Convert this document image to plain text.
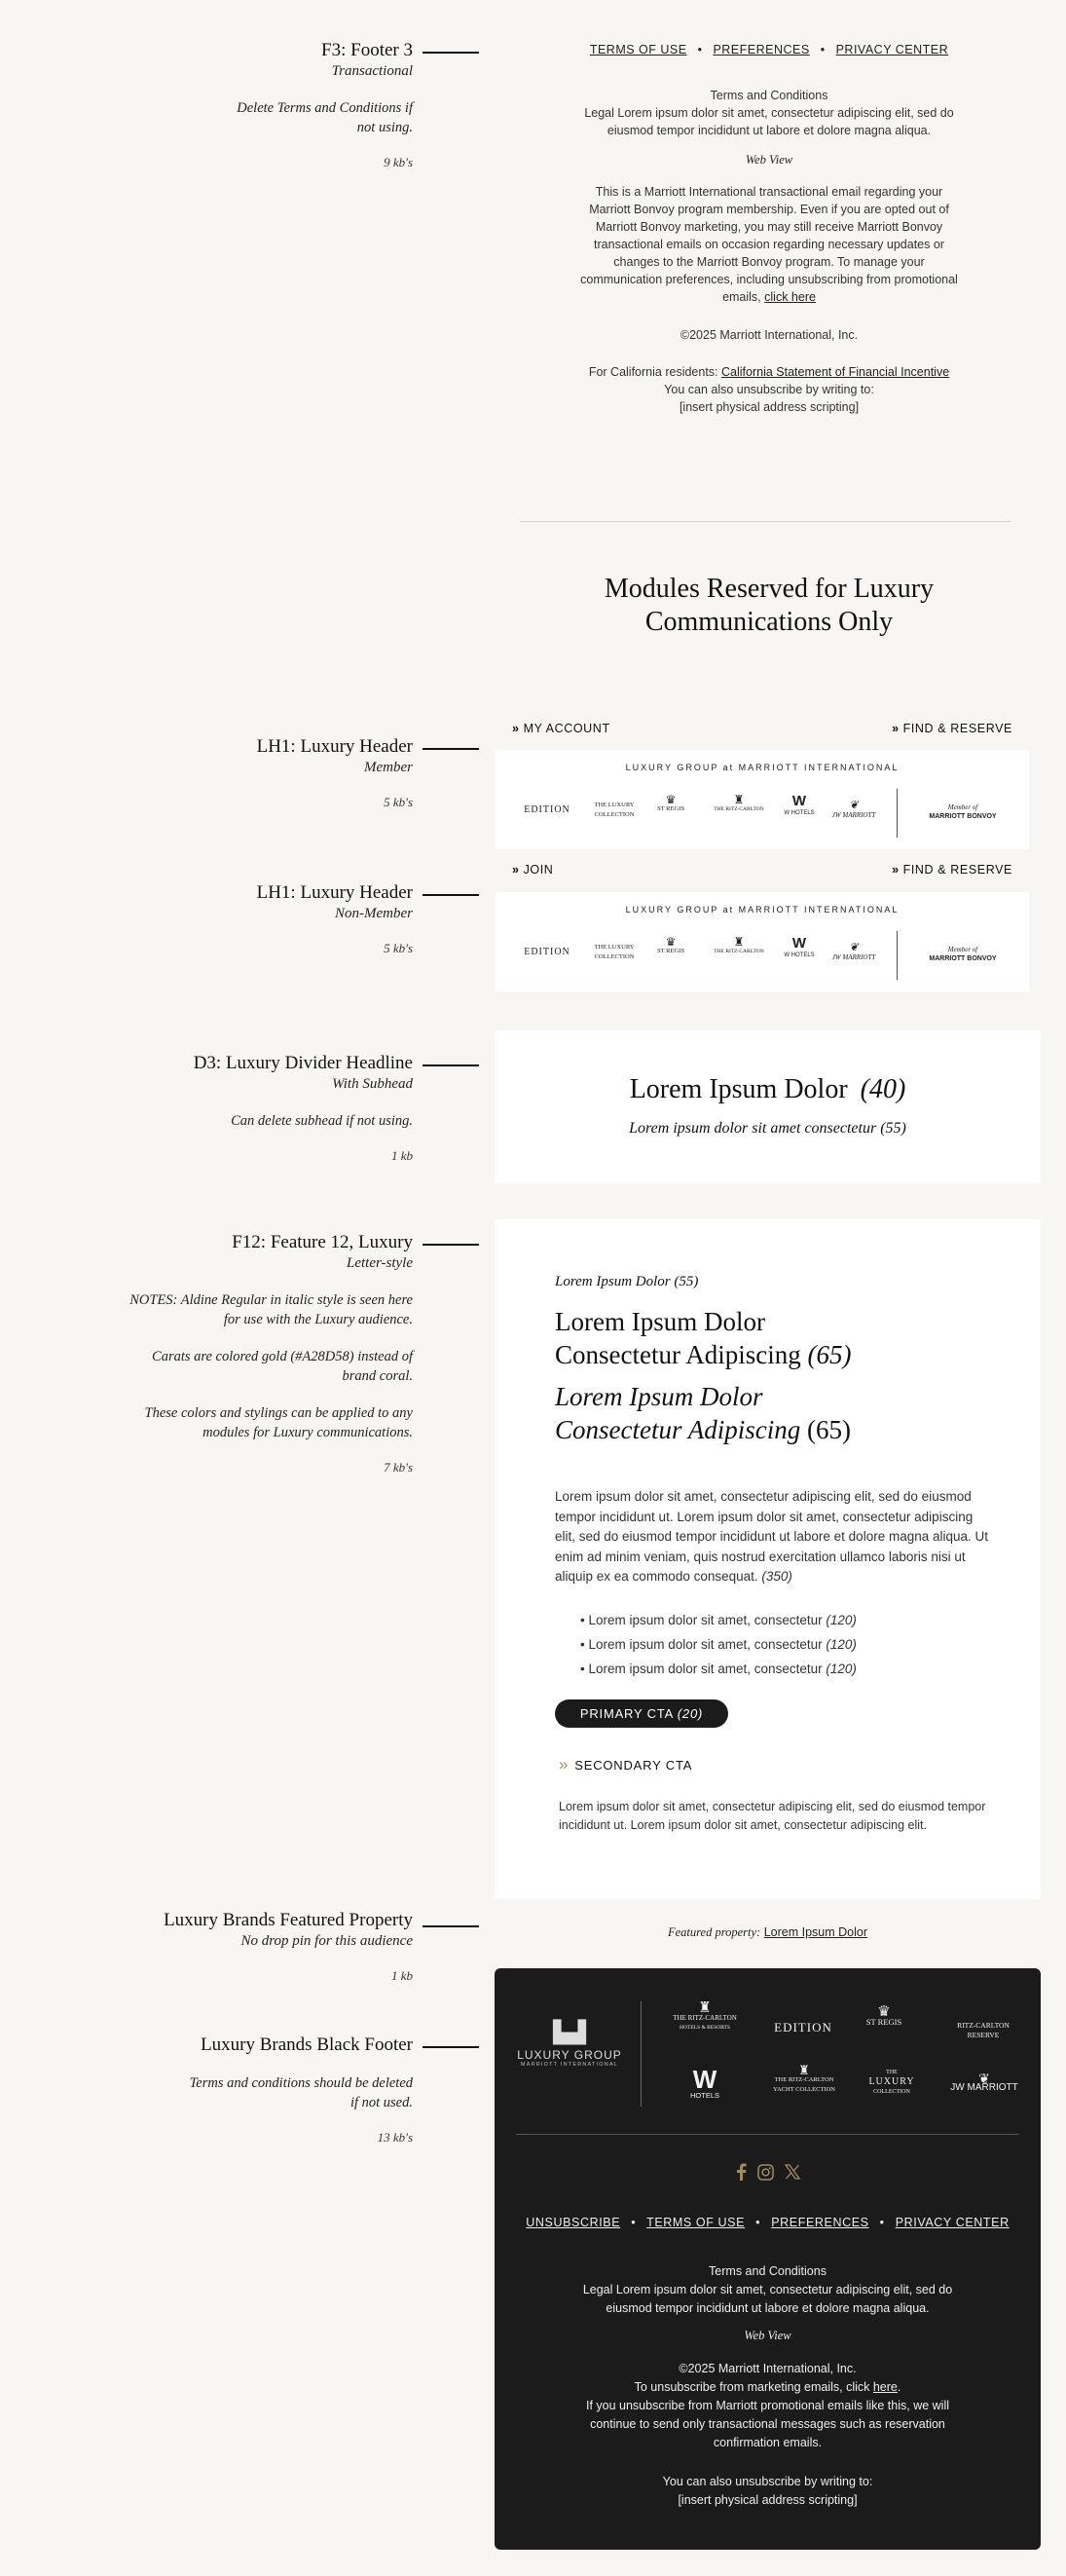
F3: Footer 3
Transactional
Delete Terms and Conditions if not using.
9 kb's
TERMS OF USE • PREFERENCES • PRIVACY CENTER
Terms and Conditions
Legal Lorem ipsum dolor sit amet, consectetur adipiscing elit, sed do eiusmod tempor incididunt ut labore et dolore magna aliqua.
Web View
This is a Marriott International transactional email regarding your Marriott Bonvoy program membership. Even if you are opted out of Marriott Bonvoy marketing, you may still receive Marriott Bonvoy transactional emails on occasion regarding necessary updates or changes to the Marriott Bonvoy program. To manage your communication preferences, including unsubscribing from promotional emails, click here
©2025 Marriott International, Inc.
For California residents: California Statement of Financial Incentive
You can also unsubscribe by writing to:
[insert physical address scripting]
Modules Reserved for Luxury Communications Only
LH1: Luxury Header
Member
5 kb's
» MY ACCOUNT	» FIND & RESERVE
LUXURY GROUP at MARRIOTT INTERNATIONAL
EDITION	THE LUXURY COLLECTION
♛
ST REGIS
♜
THE RITZ-CARLTON	W
W HOTELS
❦
JW MARRIOTT
Member of
MARRIOTT BONVOY
LH1: Luxury Header
Non-Member
5 kb's
» JOIN	» FIND & RESERVE
LUXURY GROUP at MARRIOTT INTERNATIONAL
EDITION	THE LUXURY COLLECTION
♛
ST REGIS
♜
THE RITZ-CARLTON	W
W HOTELS
❦
JW MARRIOTT
Member of
MARRIOTT BONVOY
D3: Luxury Divider Headline
With Subhead
Can delete subhead if not using.
1 kb
Lorem Ipsum Dolor (40)
Lorem ipsum dolor sit amet consectetur (55)
F12: Feature 12, Luxury
Letter-style
NOTES: Aldine Regular in italic style is seen here for use with the Luxury audience.
Carats are colored gold (#A28D58) instead of brand coral.
These colors and stylings can be applied to any modules for Luxury communications.
7 kb's
Lorem Ipsum Dolor (55)
Lorem Ipsum Dolor
Consectetur Adipiscing (65)
Lorem Ipsum Dolor
Consectetur Adipiscing (65)
Lorem ipsum dolor sit amet, consectetur adipiscing elit, sed do eiusmod tempor incididunt ut. Lorem ipsum dolor sit amet, consectetur adipiscing elit, sed do eiusmod tempor incididunt ut labore et dolore magna aliqua. Ut enim ad minim veniam, quis nostrud exercitation ullamco laboris nisi ut aliquip ex ea commodo consequat. (350)
• Lorem ipsum dolor sit amet, consectetur (120)
• Lorem ipsum dolor sit amet, consectetur (120)
• Lorem ipsum dolor sit amet, consectetur (120)
PRIMARY CTA (20)
» SECONDARY CTA
Lorem ipsum dolor sit amet, consectetur adipiscing elit, sed do eiusmod tempor incididunt ut. Lorem ipsum dolor sit amet, consectetur adipiscing elit.
Luxury Brands Featured Property
No drop pin for this audience
1 kb
Featured property: Lorem Ipsum Dolor
Luxury Brands Black Footer
Terms and conditions should be deleted if not used.
13 kb's
▙▟
LUXURY GROUP
MARRIOTT INTERNATIONAL
♜
THE RITZ-CARLTON
HOTELS & RESORTS	EDITION
♛
ST REGIS	RITZ-CARLTON
RESERVE
W
HOTELS
♜
THE RITZ-CARLTON
YACHT COLLECTION
THE
LUXURY
COLLECTION
❦
JW MARRIOTT
UNSUBSCRIBE • TERMS OF USE • PREFERENCES • PRIVACY CENTER
Terms and Conditions
Legal Lorem ipsum dolor sit amet, consectetur adipiscing elit, sed do eiusmod tempor incididunt ut labore et dolore magna aliqua.
Web View
©2025 Marriott International, Inc.
To unsubscribe from marketing emails, click here.
If you unsubscribe from Marriott promotional emails like this, we will continue to send only transactional messages such as reservation confirmation emails.
You can also unsubscribe by writing to:
[insert physical address scripting]
